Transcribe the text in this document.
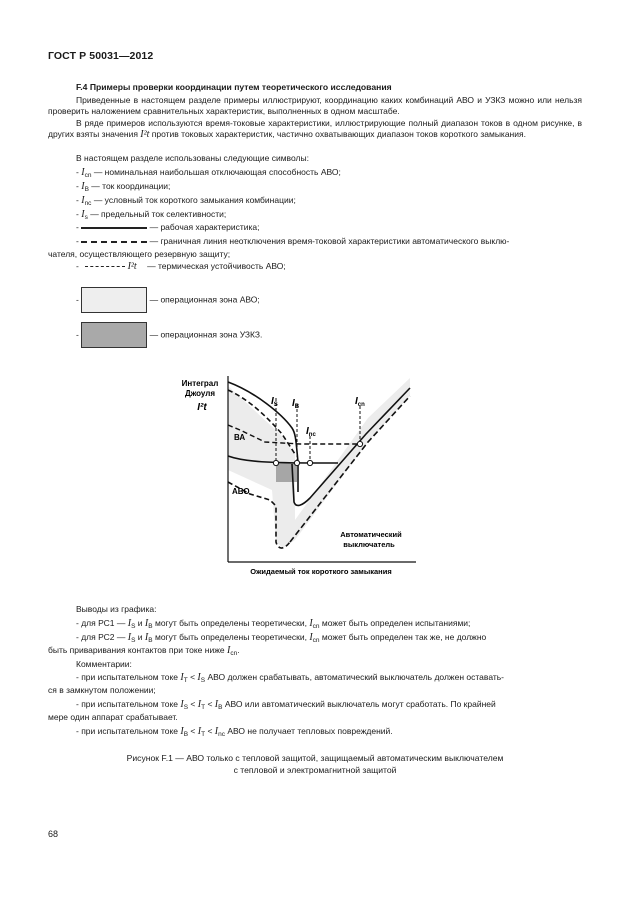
ГОСТ Р 50031—2012
F.4 Примеры проверки координации путем теоретического исследования
Приведенные в настоящем разделе примеры иллюстрируют, координацию каких комбинаций АВО и УЗКЗ можно или нельзя проверить наложением сравнительных характеристик, выполненных в одном масштабе.
В ряде примеров используются время-токовые характеристики, иллюстрирующие полный диапазон токов в одном рисунке, в других взяты значения I²t против токовых характеристик, частично охватывающих диапазон токов короткого замыкания.
В настоящем разделе использованы следующие символы:
- $I_{cn}$ — номинальная наибольшая отключающая способность АВО;
- $I_B$ — ток координации;
- $I_{nc}$ — условный ток короткого замыкания комбинации;
- $I_s$ — предельный ток селективности;
-	— рабочая характеристика;
-	— граничная линия неотключения время-токовой характеристики автоматического выклю-
чателя, осуществляющего резервную защиту;
-	I²t — термическая устойчивость АВО;
-	— операционная зона АВО;
-	— операционная зона УЗКЗ.
Интеграл
Джоуля
I²t
$I_S$ $I_B$
$I_{nc}$
$I_{cn}$
ВА
АВО
Автоматический
выключатель
Ожидаемый ток короткого замыкания
Выводы из графика:
- для РС1 — $I_S$ и $I_B$ могут быть определены теоретически, $I_{cn}$ может быть определен испытаниями;
- для РС2 — $I_S$ и $I_B$ могут быть определены теоретически, $I_{cn}$ может быть определен так же, не должно
быть приваривания контактов при токе ниже $I_{cn}$.
Комментарии:
- при испытательном токе $I_T < I_S$ АВО должен срабатывать, автоматический выключатель должен оставать-
ся в замкнутом положении;
- при испытательном токе $I_S < I_T < I_B$ АВО или автоматический выключатель могут сработать. По крайней
мере один аппарат срабатывает.
- при испытательном токе $I_B < I_T < I_{nc}$ АВО не получает тепловых повреждений.
Рисунок F.1 — АВО только с тепловой защитой, защищаемый автоматическим выключателем
с тепловой и электромагнитной защитой
68
